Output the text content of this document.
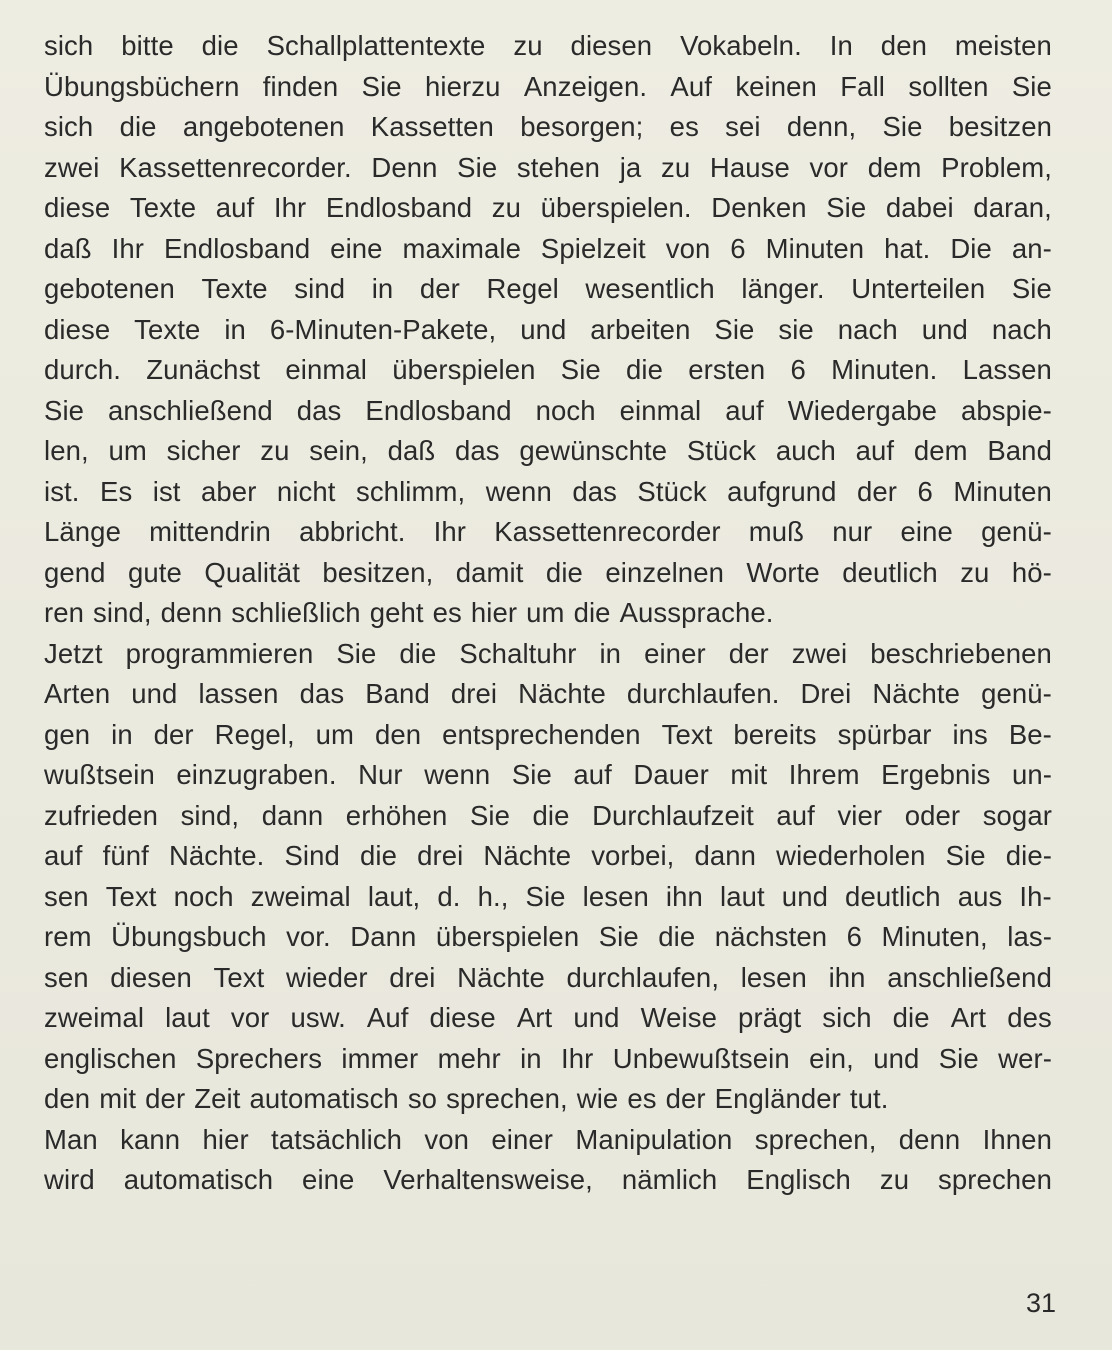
sich bitte die Schallplattentexte zu diesen Vokabeln. In den meisten
Übungsbüchern finden Sie hierzu Anzeigen. Auf keinen Fall sollten Sie
sich die angebotenen Kassetten besorgen; es sei denn, Sie besitzen
zwei Kassettenrecorder. Denn Sie stehen ja zu Hause vor dem Problem,
diese Texte auf Ihr Endlosband zu überspielen. Denken Sie dabei daran,
daß Ihr Endlosband eine maximale Spielzeit von 6 Minuten hat. Die an-
gebotenen Texte sind in der Regel wesentlich länger. Unterteilen Sie
diese Texte in 6-Minuten-Pakete, und arbeiten Sie sie nach und nach
durch. Zunächst einmal überspielen Sie die ersten 6 Minuten. Lassen
Sie anschließend das Endlosband noch einmal auf Wiedergabe abspie-
len, um sicher zu sein, daß das gewünschte Stück auch auf dem Band
ist. Es ist aber nicht schlimm, wenn das Stück aufgrund der 6 Minuten
Länge mittendrin abbricht. Ihr Kassettenrecorder muß nur eine genü-
gend gute Qualität besitzen, damit die einzelnen Worte deutlich zu hö-
ren sind, denn schließlich geht es hier um die Aussprache.
Jetzt programmieren Sie die Schaltuhr in einer der zwei beschriebenen
Arten und lassen das Band drei Nächte durchlaufen. Drei Nächte genü-
gen in der Regel, um den entsprechenden Text bereits spürbar ins Be-
wußtsein einzugraben. Nur wenn Sie auf Dauer mit Ihrem Ergebnis un-
zufrieden sind, dann erhöhen Sie die Durchlaufzeit auf vier oder sogar
auf fünf Nächte. Sind die drei Nächte vorbei, dann wiederholen Sie die-
sen Text noch zweimal laut, d. h., Sie lesen ihn laut und deutlich aus Ih-
rem Übungsbuch vor. Dann überspielen Sie die nächsten 6 Minuten, las-
sen diesen Text wieder drei Nächte durchlaufen, lesen ihn anschließend
zweimal laut vor usw. Auf diese Art und Weise prägt sich die Art des
englischen Sprechers immer mehr in Ihr Unbewußtsein ein, und Sie wer-
den mit der Zeit automatisch so sprechen, wie es der Engländer tut.
Man kann hier tatsächlich von einer Manipulation sprechen, denn Ihnen
wird automatisch eine Verhaltensweise, nämlich Englisch zu sprechen
31
